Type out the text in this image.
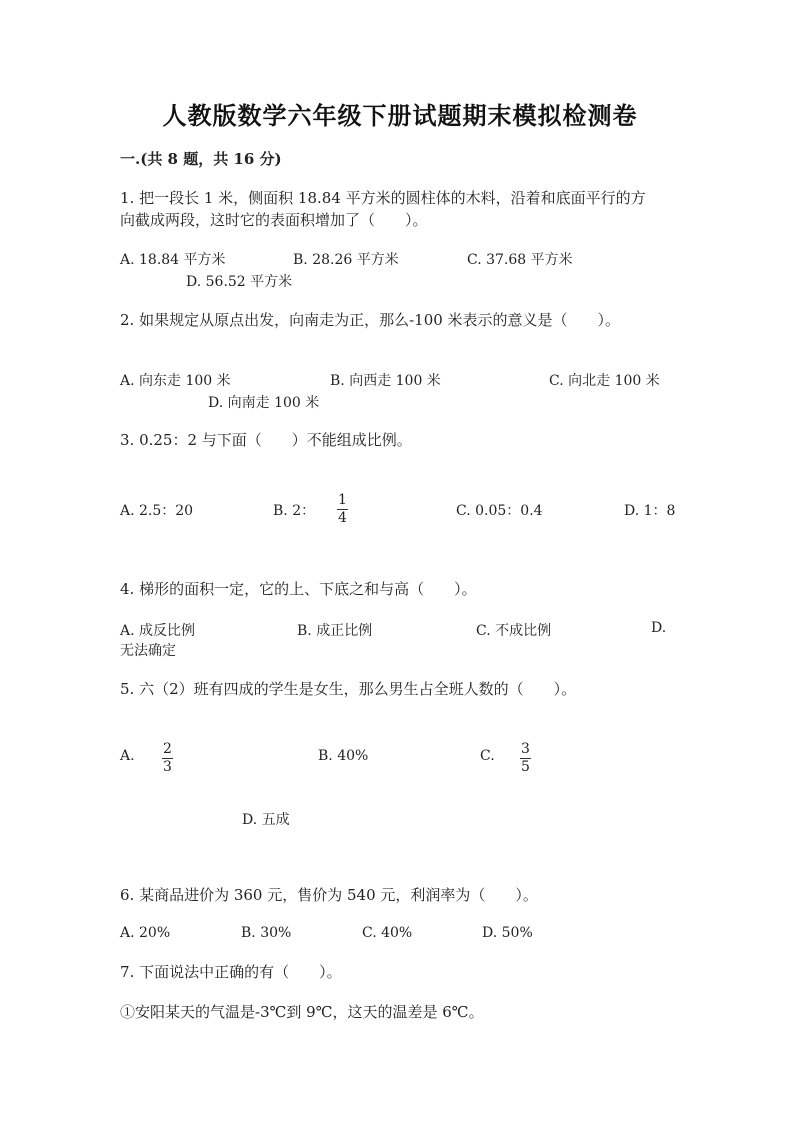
人教版数学六年级下册试题期末模拟检测卷
一.(共 8 题，共 16 分)
1. 把一段长 1 米，侧面积 18.84 平方米的圆柱体的木料，沿着和底面平行的方
向截成两段，这时它的表面积增加了（　　）。
A. 18.84 平方米	B. 28.26 平方米	C. 37.68 平方米
D. 56.52 平方米
2. 如果规定从原点出发，向南走为正，那么-100 米表示的意义是（　　）。
A. 向东走 100 米	B. 向西走 100 米	C. 向北走 100 米
D. 向南走 100 米
3. 0.25：2 与下面（　　）不能组成比例。
A. 2.5：20	B. 2：
1
4	C. 0.05：0.4	D. 1：8
4. 梯形的面积一定，它的上、下底之和与高（　　）。
A. 成反比例	B. 成正比例	C. 不成比例	D.
无法确定
5. 六（2）班有四成的学生是女生，那么男生占全班人数的（　　）。
A. 2
3
B. 40%	C. 3
5
D. 五成
6. 某商品进价为 360 元，售价为 540 元，利润率为（　　）。
A. 20%	B. 30%	C. 40%	D. 50%
7. 下面说法中正确的有（　　）。
①安阳某天的气温是-3℃到 9℃，这天的温差是 6℃。
